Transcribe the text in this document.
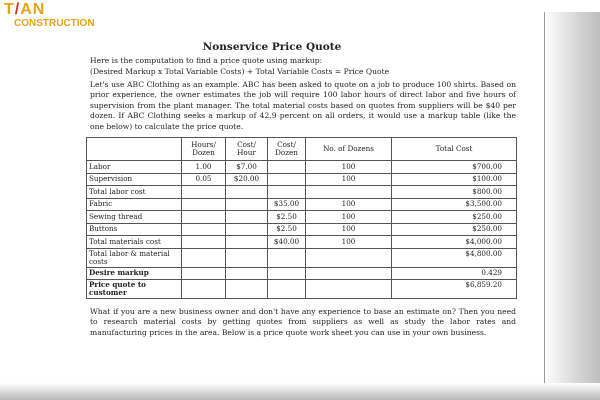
T/AN
CONSTRUCTION
Nonservice Price Quote
Here is the computation to find a price quote using markup:
(Desired Markup x Total Variable Costs) + Total Variable Costs = Price Quote
Let's use ABC Clothing as an example. ABC has been asked to quote on a job to produce 100 shirts. Based on prior experience, the owner estimates the job will require 100 labor hours of direct labor and five hours of supervision from the plant manager. The total material costs based on quotes from suppliers will be $40 per dozen. If ABC Clothing seeks a markup of 42.9 percent on all orders, it would use a markup table (like the one below) to calculate the price quote.
	Hours/ Dozen	Cost/ Hour	Cost/ Dozen	No. of Dozens	Total Cost
Labor	1.00	$7.00		100	$700.00
Supervision	0.05	$20.00		100	$100.00
Total labor cost					$800.00
Fabric			$35.00	100	$3,500.00
Sewing thread			$2.50	100	$250.00
Buttons			$2.50	100	$250.00
Total materials cost			$40.00	100	$4,000.00
Total labor & material costs					$4,800.00
Desire markup					0.429
Price quote to customer					$6,859.20
What if you are a new business owner and don't have any experience to base an estimate on? Then you need to research material costs by getting quotes from suppliers as well as study the labor rates and manufacturing prices in the area. Below is a price quote work sheet you can use in your own business.
